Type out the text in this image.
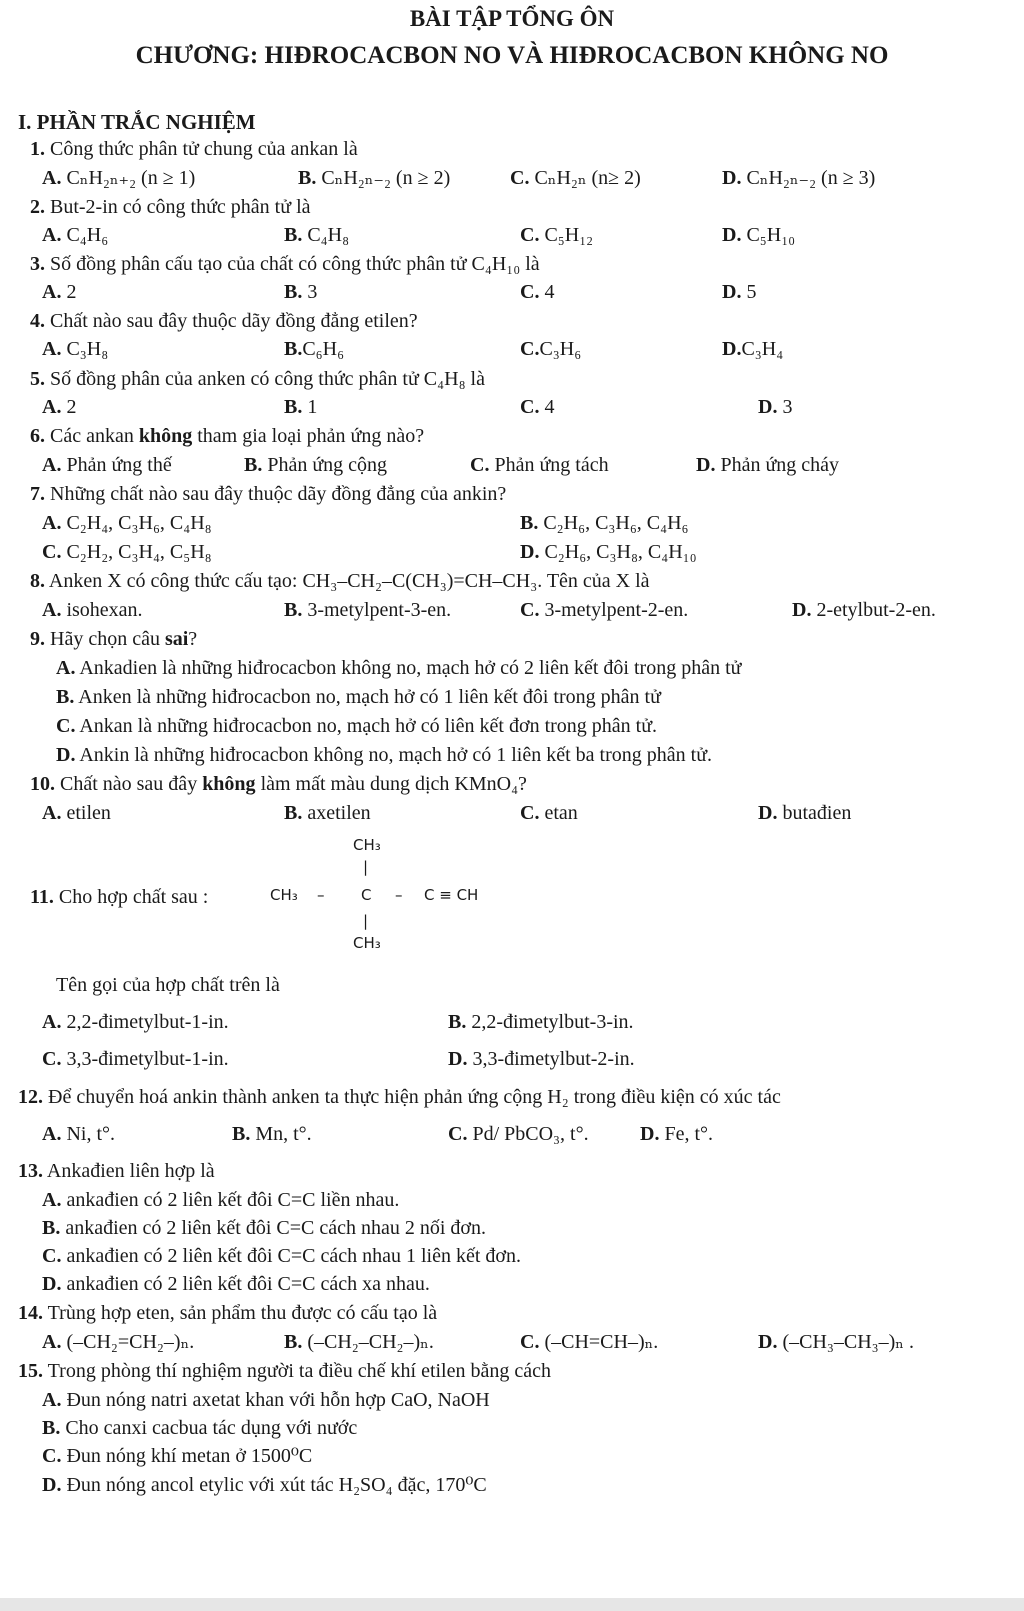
BÀI TẬP TỔNG ÔN
CHƯƠNG: HIĐROCACBON NO VÀ HIĐROCACBON KHÔNG NO
I. PHẦN TRẮC NGHIỆM
1. Công thức phân tử chung của ankan là
A. CₙH₂ₙ₊₂ (n ≥ 1)	B. CₙH₂ₙ₋₂ (n ≥ 2)	C. CₙH₂ₙ (n≥ 2)	D. CₙH₂ₙ₋₂ (n ≥ 3)
2. But-2-in có công thức phân tử là
A. C₄H₆	B. C₄H₈	C. C₅H₁₂	D. C₅H₁₀
3. Số đồng phân cấu tạo của chất có công thức phân tử C₄H₁₀ là
A. 2	B. 3	C. 4	D. 5
4. Chất nào sau đây thuộc dãy đồng đẳng etilen?
A. C₃H₈	B.C₆H₆	C.C₃H₆	D.C₃H₄
5. Số đồng phân của anken có công thức phân tử C₄H₈ là
A. 2	B. 1	C. 4	D. 3
6. Các ankan không tham gia loại phản ứng nào?
A. Phản ứng thế	B. Phản ứng cộng	C. Phản ứng tách	D. Phản ứng cháy
7. Những chất nào sau đây thuộc dãy đồng đẳng của ankin?
A. C₂H₄, C₃H₆, C₄H₈	B. C₂H₆, C₃H₆, C₄H₆
C. C₂H₂, C₃H₄, C₅H₈	D. C₂H₆, C₃H₈, C₄H₁₀
8. Anken X có công thức cấu tạo: CH₃–CH₂–C(CH₃)=CH–CH₃. Tên của X là
A. isohexan.	B. 3-metylpent-3-en.	C. 3-metylpent-2-en.	D. 2-etylbut-2-en.
9. Hãy chọn câu sai?
A. Ankadien là những hiđrocacbon không no, mạch hở có 2 liên kết đôi trong phân tử
B. Anken là những hiđrocacbon no, mạch hở có 1 liên kết đôi trong phân tử
C. Ankan là những hiđrocacbon no, mạch hở có liên kết đơn trong phân tử.
D. Ankin là những hiđrocacbon không no, mạch hở có 1 liên kết ba trong phân tử.
10. Chất nào sau đây không làm mất màu dung dịch KMnO₄?
A. etilen	B. axetilen	C. etan	D. butađien
11. Cho hợp chất sau :
CH₃
|
CH₃ – C – C ≡ CH
|
CH₃
Tên gọi của hợp chất trên là
A. 2,2-đimetylbut-1-in.	B. 2,2-đimetylbut-3-in.
C. 3,3-đimetylbut-1-in.	D. 3,3-đimetylbut-2-in.
12. Để chuyển hoá ankin thành anken ta thực hiện phản ứng cộng H₂ trong điều kiện có xúc tác
A. Ni, t°.	B. Mn, t°.	C. Pd/ PbCO₃, t°.	D. Fe, t°.
13. Ankađien liên hợp là
A. ankađien có 2 liên kết đôi C=C liền nhau.
B. ankađien có 2 liên kết đôi C=C cách nhau 2 nối đơn.
C. ankađien có 2 liên kết đôi C=C cách nhau 1 liên kết đơn.
D. ankađien có 2 liên kết đôi C=C cách xa nhau.
14. Trùng hợp eten, sản phẩm thu được có cấu tạo là
A. (–CH₂=CH₂–)ₙ.	B. (–CH₂–CH₂–)ₙ.	C. (–CH=CH–)ₙ.	D. (–CH₃–CH₃–)ₙ .
15. Trong phòng thí nghiệm người ta điều chế khí etilen bằng cách
A. Đun nóng natri axetat khan với hỗn hợp CaO, NaOH
B. Cho canxi cacbua tác dụng với nước
C. Đun nóng khí metan ở 1500⁰C
D. Đun nóng ancol etylic với xút tác H₂SO₄ đặc, 170⁰C
